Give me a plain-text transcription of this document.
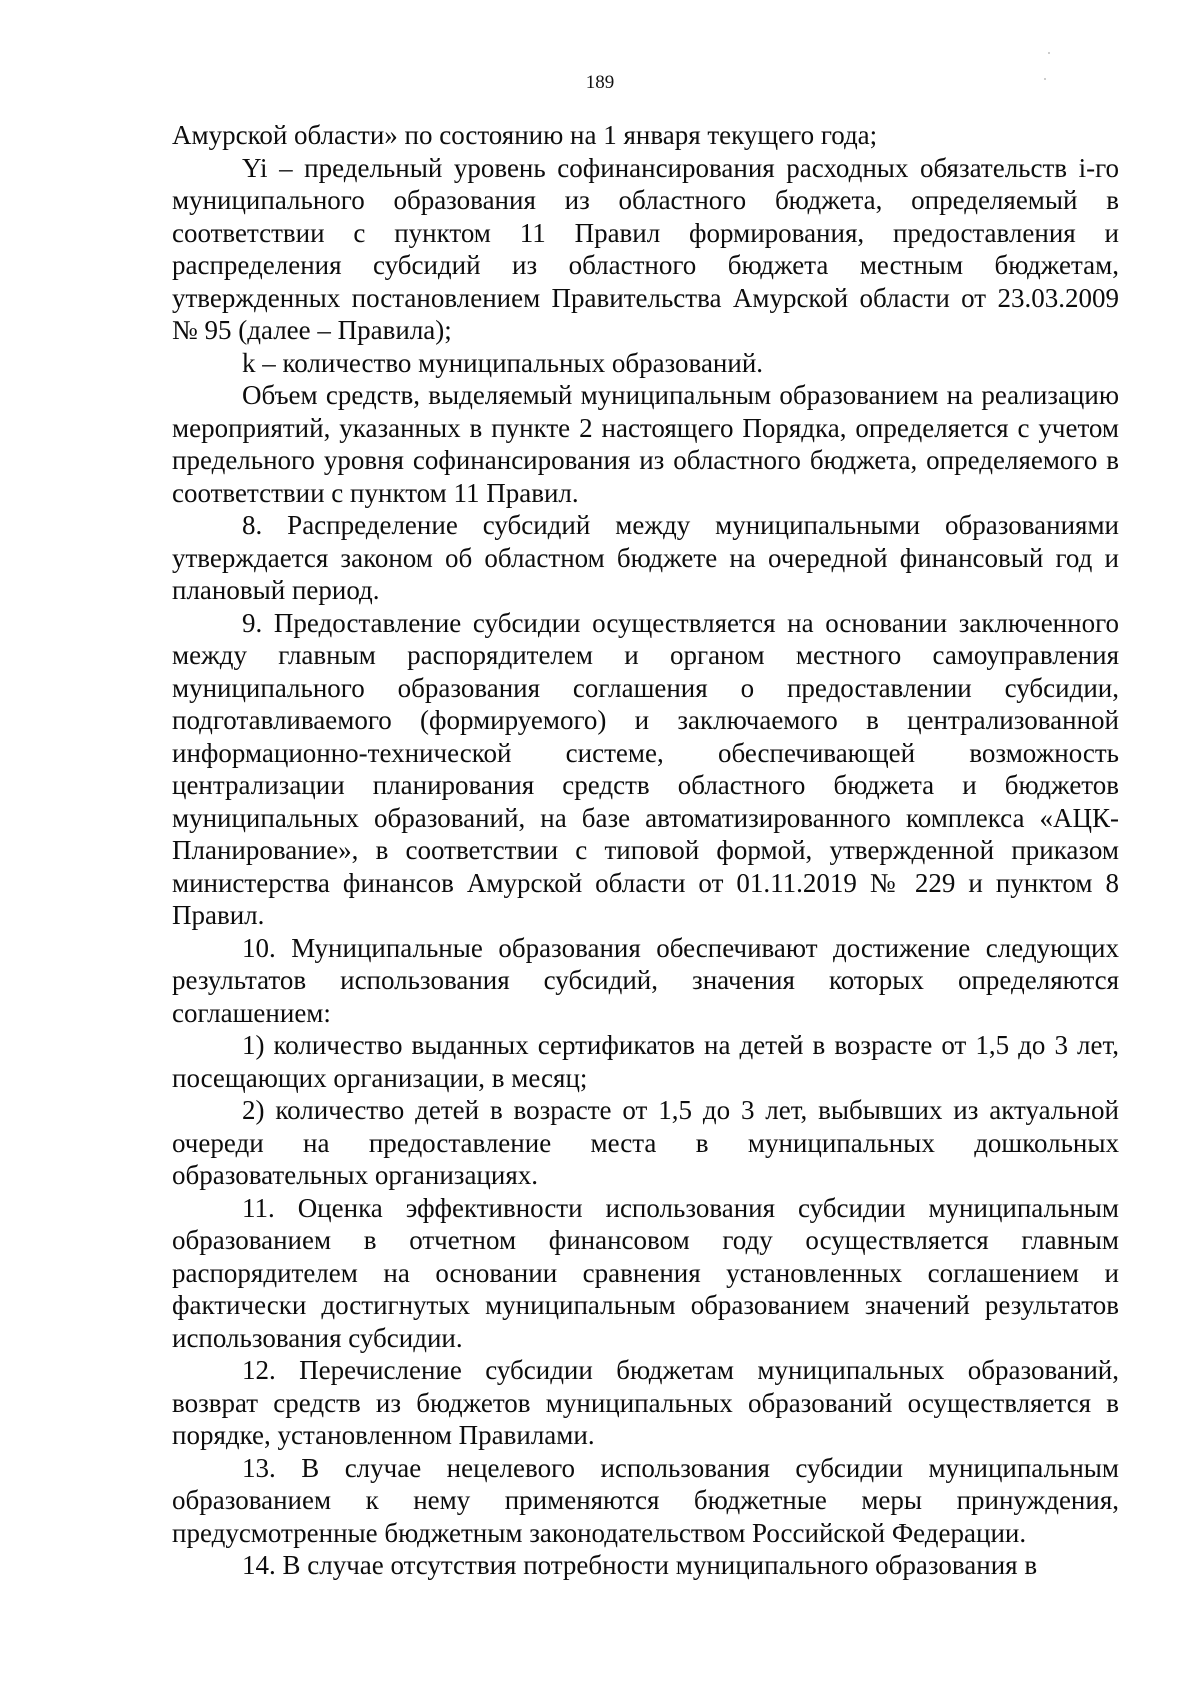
189

Амурской области» по состоянию на 1 января текущего года;

Yi – предельный уровень софинансирования расходных обязательств i-го муниципального образования из областного бюджета, определяемый в соответствии с пунктом 11 Правил формирования, предоставления и распределения субсидий из областного бюджета местным бюджетам, утвержденных постановлением Правительства Амурской области от 23.03.2009 № 95 (далее – Правила);

k – количество муниципальных образований.

Объем средств, выделяемый муниципальным образованием на реализацию мероприятий, указанных в пункте 2 настоящего Порядка, определяется с учетом предельного уровня софинансирования из областного бюджета, определяемого в соответствии с пунктом 11 Правил.

8. Распределение субсидий между муниципальными образованиями утверждается законом об областном бюджете на очередной финансовый год и плановый период.

9. Предоставление субсидии осуществляется на основании заключенного между главным распорядителем и органом местного самоуправления муниципального образования соглашения о предоставлении субсидии, подготавливаемого (формируемого) и заключаемого в централизованной информационно-технической системе, обеспечивающей возможность централизации планирования средств областного бюджета и бюджетов муниципальных образований, на базе автоматизированного комплекса «АЦК-Планирование», в соответствии с типовой формой, утвержденной приказом министерства финансов Амурской области от 01.11.2019 № 229 и пунктом 8 Правил.

10. Муниципальные образования обеспечивают достижение следующих результатов использования субсидий, значения которых определяются соглашением:

1) количество выданных сертификатов на детей в возрасте от 1,5 до 3 лет, посещающих организации, в месяц;

2) количество детей в возрасте от 1,5 до 3 лет, выбывших из актуальной очереди на предоставление места в муниципальных дошкольных образовательных организациях.

11. Оценка эффективности использования субсидии муниципальным образованием в отчетном финансовом году осуществляется главным распорядителем на основании сравнения установленных соглашением и фактически достигнутых муниципальным образованием значений результатов использования субсидии.

12. Перечисление субсидии бюджетам муниципальных образований, возврат средств из бюджетов муниципальных образований осуществляется в порядке, установленном Правилами.

13. В случае нецелевого использования субсидии муниципальным образованием к нему применяются бюджетные меры принуждения, предусмотренные бюджетным законодательством Российской Федерации.

14. В случае отсутствия потребности муниципального образования в
